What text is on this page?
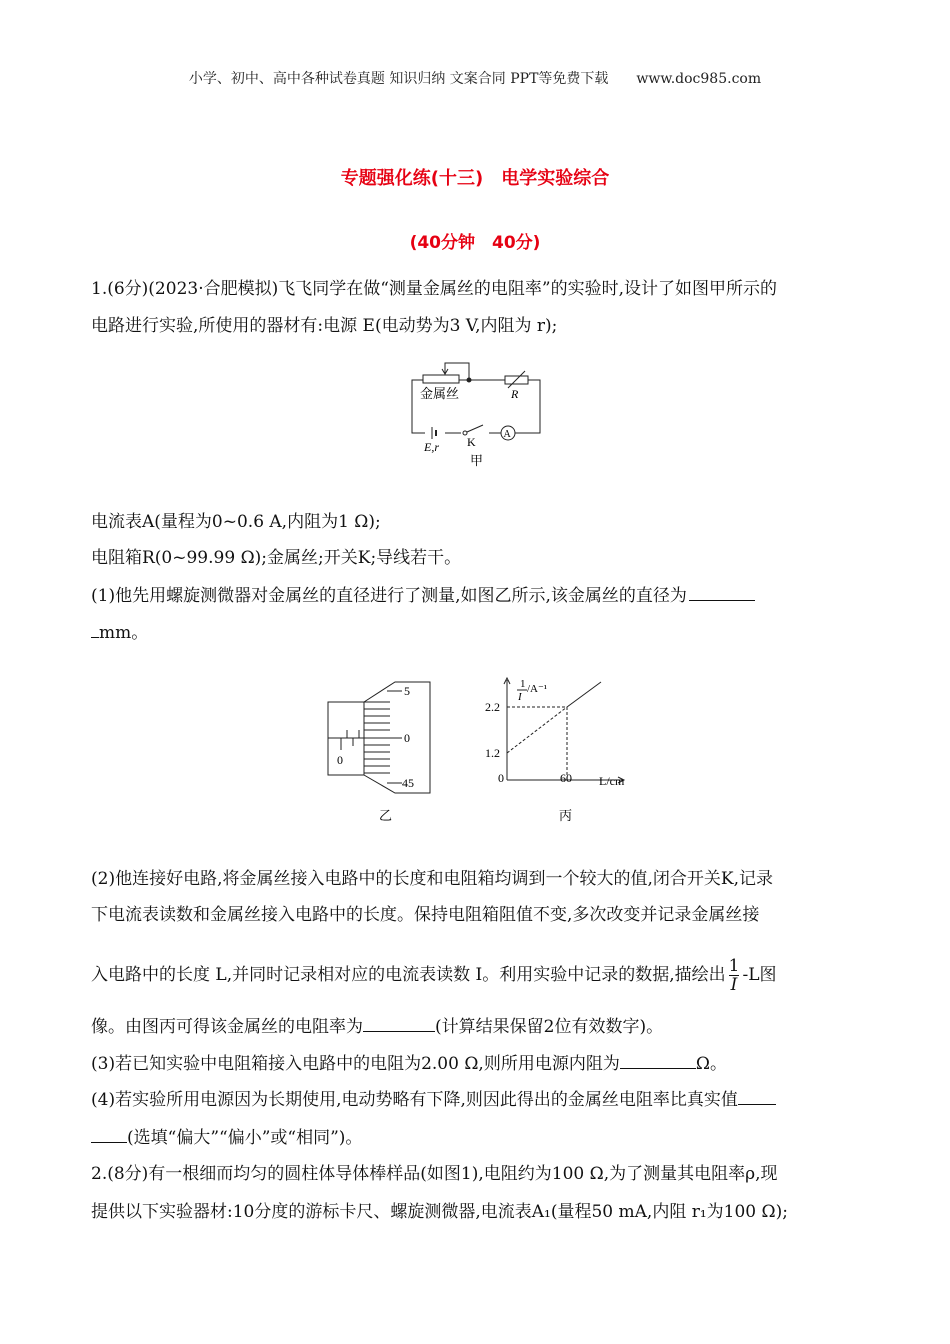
小学、初中、高中各种试卷真题 知识归纳 文案合同 PPT等免费下载   www.doc985.com
专题强化练(十三)　电学实验综合
(40分钟　40分)
1.(6分)(2023·合肥模拟)飞飞同学在做“测量金属丝的电阻率”的实验时,设计了如图甲所示的
电路进行实验,所使用的器材有:电源 E(电动势为3 V,内阻为 r);
金属丝	R
E,r K
A
甲
电流表A(量程为0~0.6 A,内阻为1 Ω);
电阻箱R(0~99.99 Ω);金属丝;开关K;导线若干。
(1)他先用螺旋测微器对金属丝的直径进行了测量,如图乙所示,该金属丝的直径为
mm。
5
0
45
0
乙
1
I
/A⁻¹
2.2
1.2
0	60 L/cm
丙
(2)他连接好电路,将金属丝接入电路中的长度和电阻箱均调到一个较大的值,闭合开关K,记录
下电流表读数和金属丝接入电路中的长度。保持电阻箱阻值不变,多次改变并记录金属丝接
入电路中的长度 L,并同时记录相对应的电流表读数 I。利用实验中记录的数据,描绘出 $\frac{1}{I} -L$图
像。由图丙可得该金属丝的电阻率为	(计算结果保留2位有效数字)。
(3)若已知实验中电阻箱接入电路中的电阻为2.00 Ω,则所用电源内阻为	Ω。
(4)若实验所用电源因为长期使用,电动势略有下降,则因此得出的金属丝电阻率比真实值
(选填“偏大”“偏小”或“相同”)。
2.(8分)有一根细而均匀的圆柱体导体棒样品(如图1),电阻约为100 Ω,为了测量其电阻率ρ,现
提供以下实验器材:10分度的游标卡尺、螺旋测微器,电流表A₁(量程50 mA,内阻 r₁为100 Ω);
